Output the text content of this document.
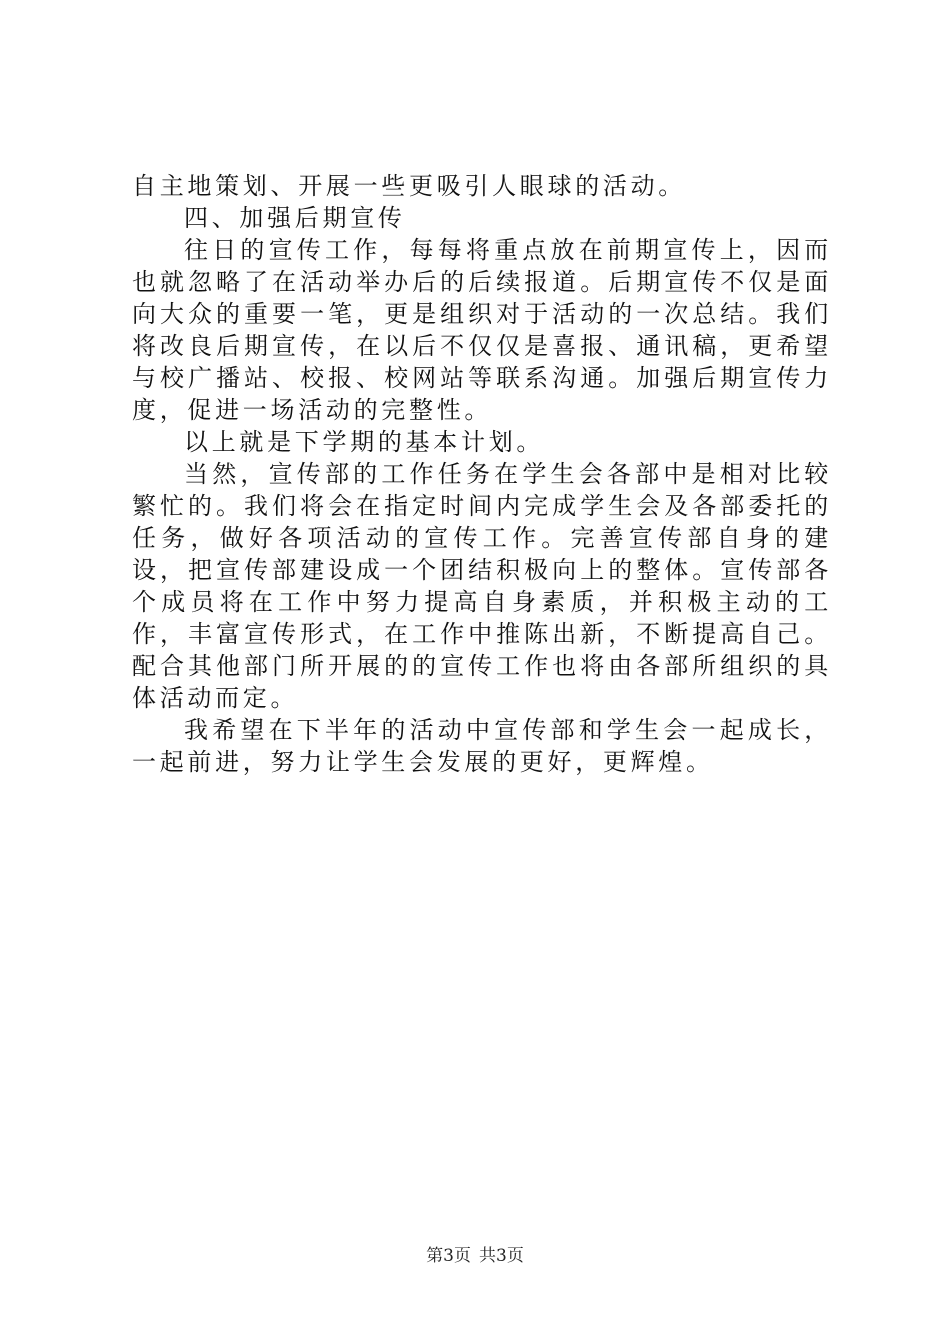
自主地策划、开展一些更吸引人眼球的活动。

四、加强后期宣传

往日的宣传工作，每每将重点放在前期宣传上，因而也就忽略了在活动举办后的后续报道。后期宣传不仅是面向大众的重要一笔，更是组织对于活动的一次总结。我们将改良后期宣传，在以后不仅仅是喜报、通讯稿，更希望与校广播站、校报、校网站等联系沟通。加强后期宣传力度，促进一场活动的完整性。

以上就是下学期的基本计划。

当然，宣传部的工作任务在学生会各部中是相对比较繁忙的。我们将会在指定时间内完成学生会及各部委托的任务，做好各项活动的宣传工作。完善宣传部自身的建设，把宣传部建设成一个团结积极向上的整体。宣传部各个成员将在工作中努力提高自身素质，并积极主动的工作，丰富宣传形式，在工作中推陈出新，不断提高自己。配合其他部门所开展的的宣传工作也将由各部所组织的具体活动而定。

我希望在下半年的活动中宣传部和学生会一起成长，一起前进，努力让学生会发展的更好，更辉煌。

第3页 共3页
